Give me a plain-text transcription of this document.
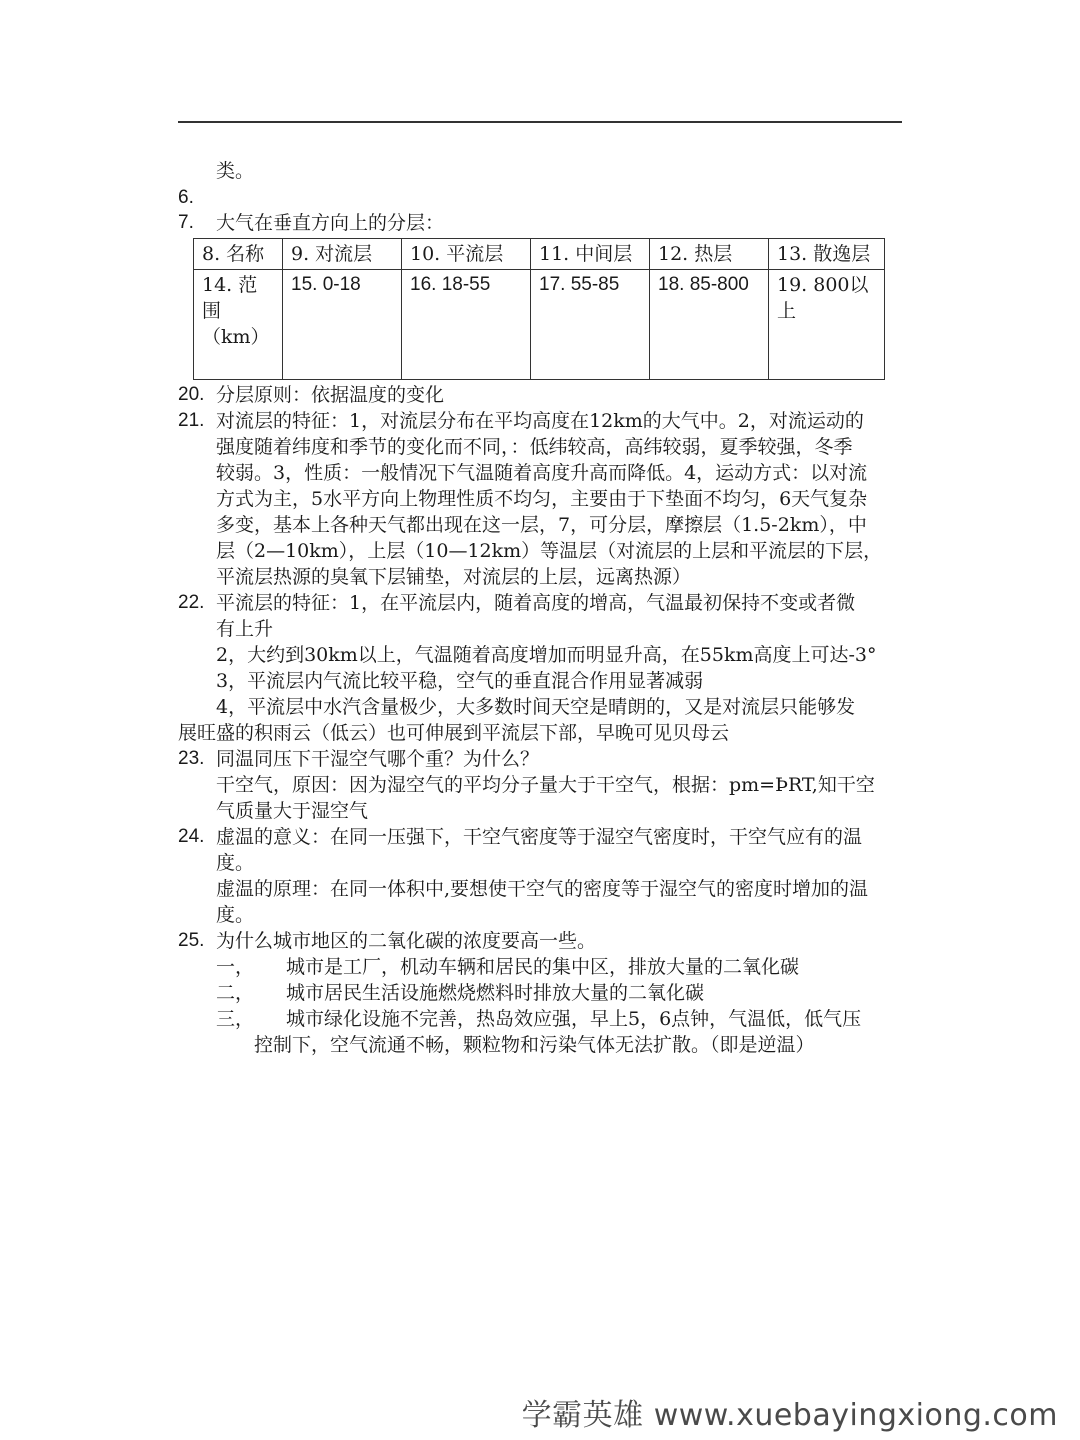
类。
6.
7.	大气在垂直方向上的分层：
8. 名称	9. 对流层	10. 平流层	11. 中间层	12. 热层	13. 散逸层
14. 范围（km）	15. 0-18	16. 18-55	17. 55-85	18. 85-800	19. 800以上
20. 分层原则：依据温度的变化
21. 对流层的特征：1，对流层分布在平均高度在12km的大气中。2，对流运动的
强度随着纬度和季节的变化而不同，：低纬较高，高纬较弱，夏季较强，冬季
较弱。3，性质：一般情况下气温随着高度升高而降低。4，运动方式：以对流
方式为主，5水平方向上物理性质不均匀，主要由于下垫面不均匀，6天气复杂
多变，基本上各种天气都出现在这一层，7，可分层，摩擦层（1.5-2km），中
层（2—10km），上层（10—12km）等温层（对流层的上层和平流层的下层，
平流层热源的臭氧下层铺垫，对流层的上层，远离热源）
22. 平流层的特征：1，在平流层内，随着高度的增高，气温最初保持不变或者微
有上升
2，大约到30km以上，气温随着高度增加而明显升高，在55km高度上可达-3°
3，平流层内气流比较平稳，空气的垂直混合作用显著减弱
4，平流层中水汽含量极少，大多数时间天空是晴朗的，又是对流层只能够发
展旺盛的积雨云（低云）也可伸展到平流层下部，早晚可见贝母云
23. 同温同压下干湿空气哪个重？为什么？
干空气，原因：因为湿空气的平均分子量大于干空气，根据：pm=ÞRT,知干空
气质量大于湿空气
24. 虚温的意义：在同一压强下，干空气密度等于湿空气密度时，干空气应有的温
度。
虚温的原理：在同一体积中,要想使干空气的密度等于湿空气的密度时增加的温
度。
25. 为什么城市地区的二氧化碳的浓度要高一些。
一，	城市是工厂，机动车辆和居民的集中区，排放大量的二氧化碳
二，	城市居民生活设施燃烧燃料时排放大量的二氧化碳
三，	城市绿化设施不完善，热岛效应强，早上5，6点钟，气温低，低气压
控制下，空气流通不畅，颗粒物和污染气体无法扩散。（即是逆温）
学霸英雄 www.xuebayingxiong.com
